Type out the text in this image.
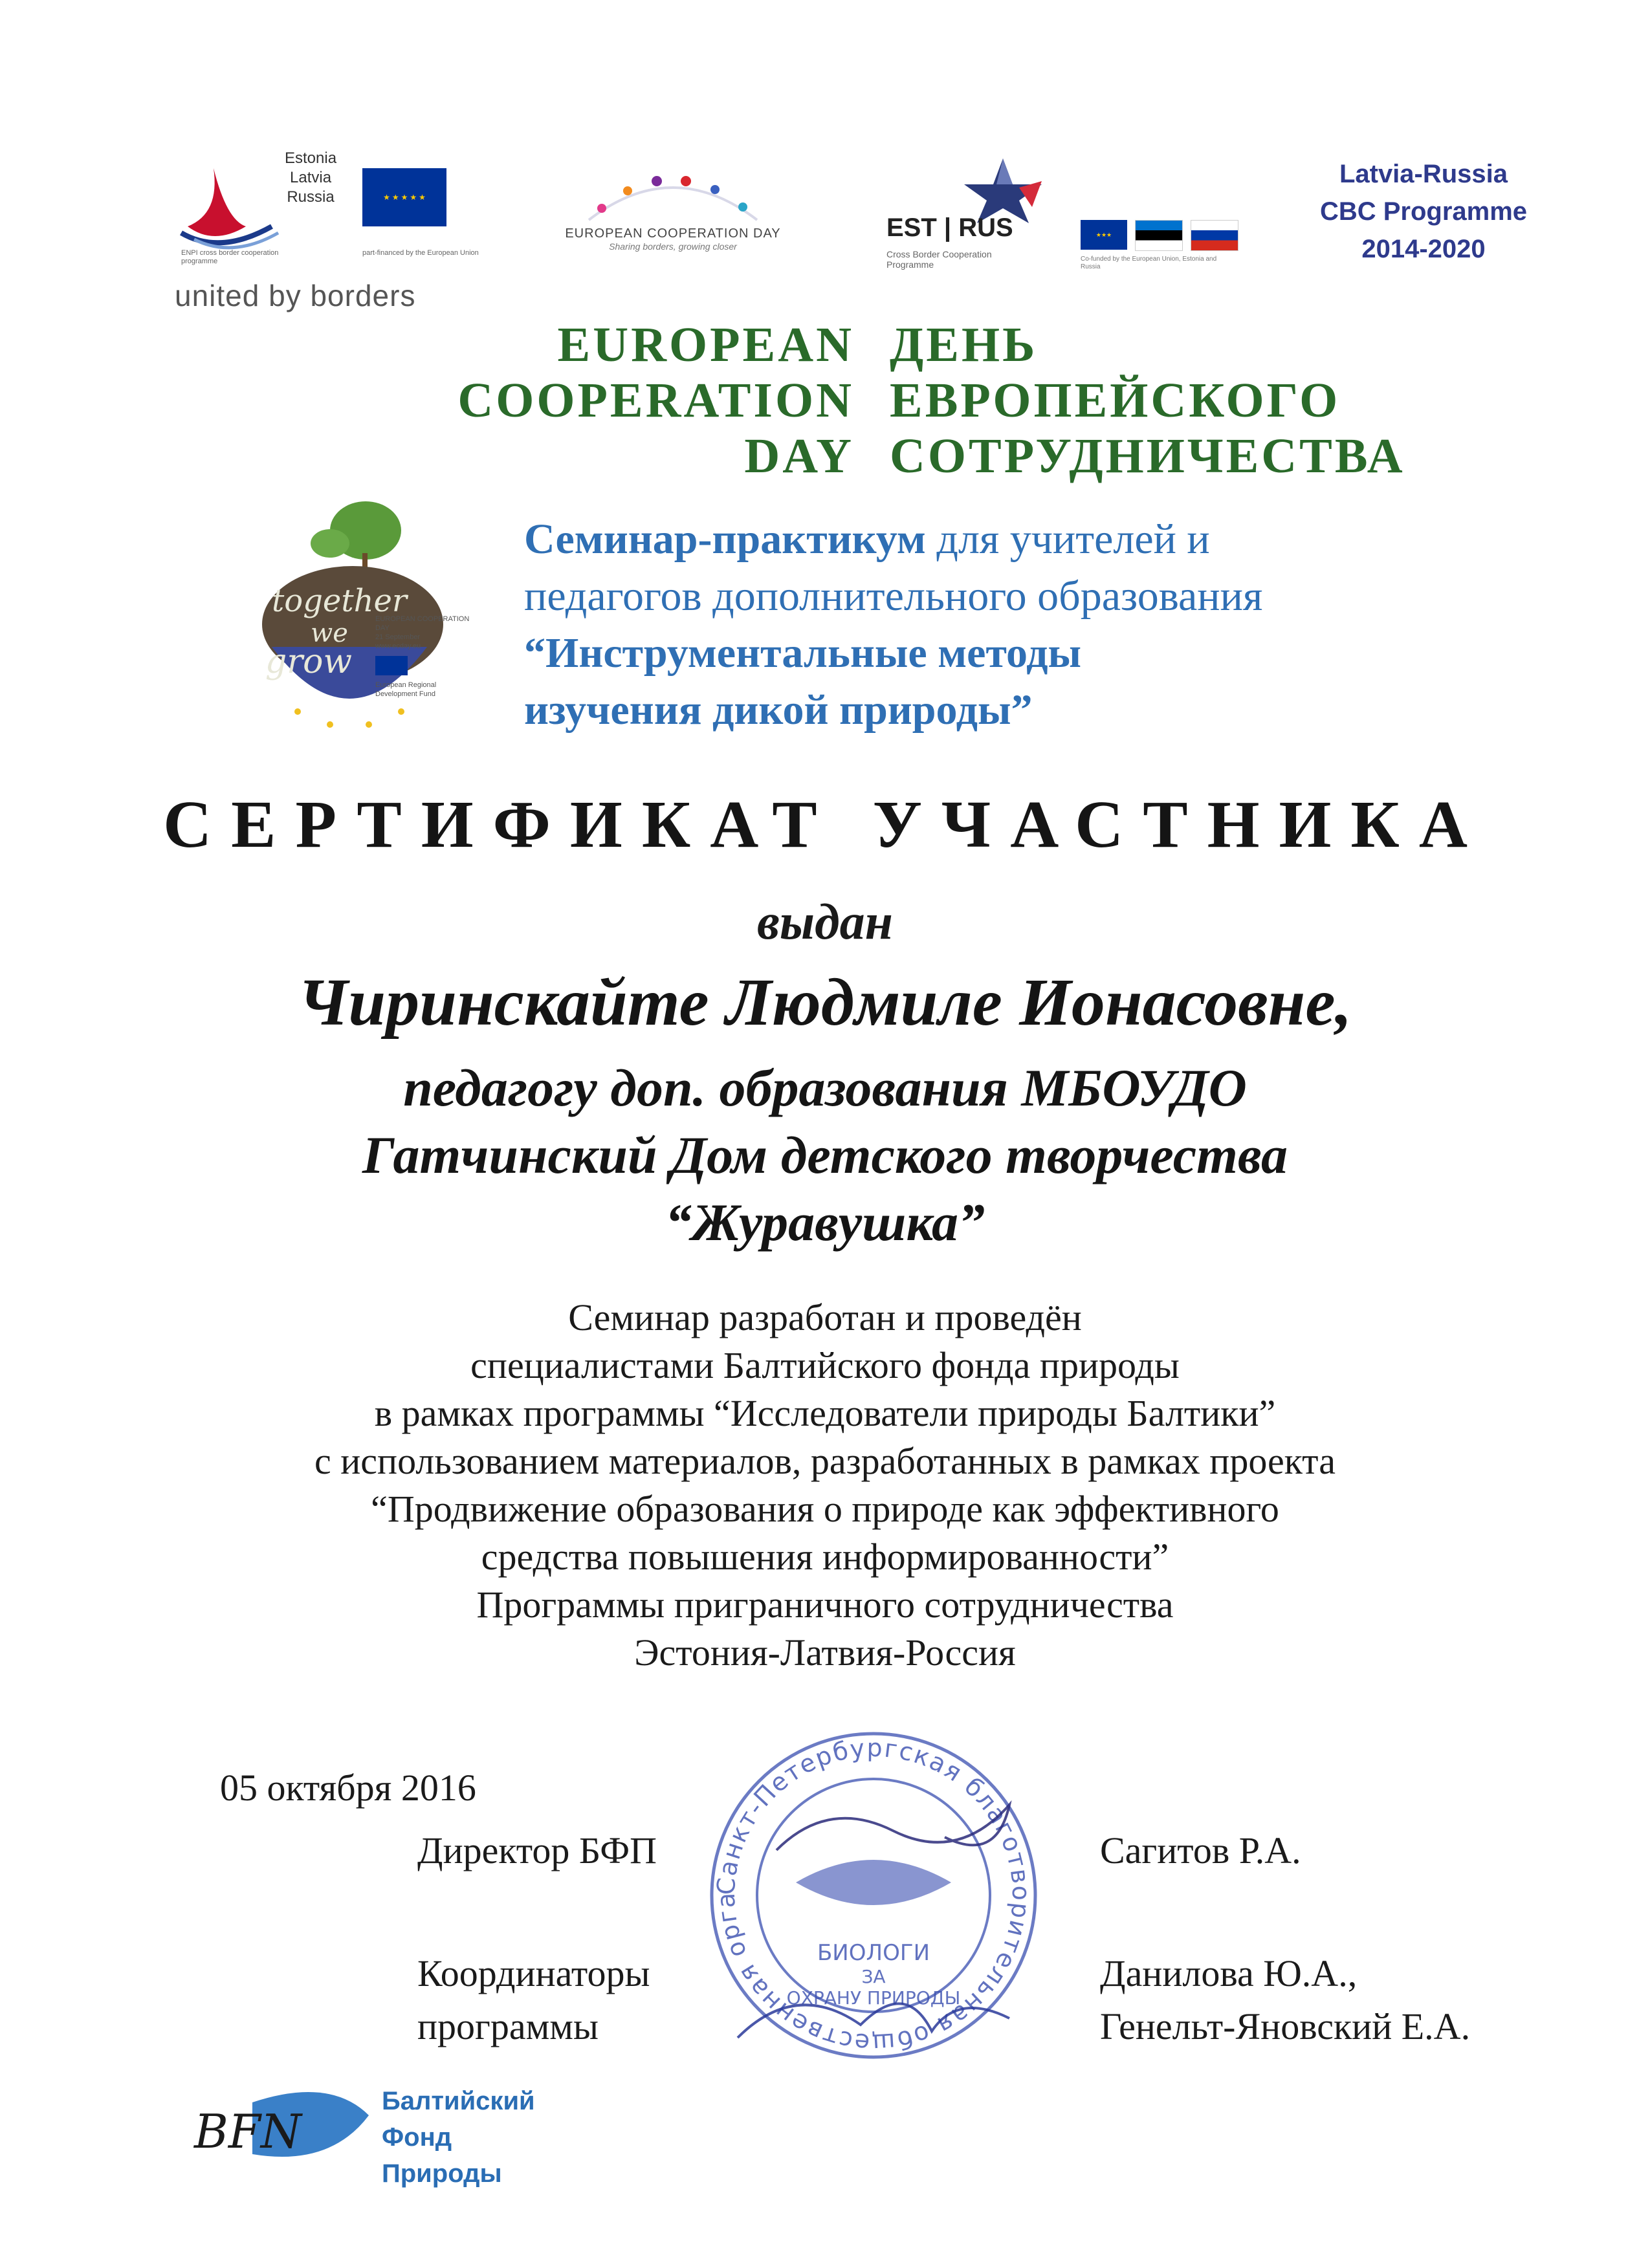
Estonia
Latvia
Russia	★ ★ ★ ★ ★
ENPI cross border cooperation programme
part-financed by the European Union
united by borders
EUROPEAN COOPERATION DAY
Sharing borders, growing closer
EST | RUS
Cross Border Cooperation Programme
★★★
Co-funded by the European Union, Estonia and Russia
Latvia-Russia
CBC Programme
2014-2020
EUROPEAN
COOPERATION
DAY
ДЕНЬ
ЕВРОПЕЙСКОГО
СОТРУДНИЧЕСТВА
together
we
grow
EUROPEAN COOPERATION DAY
21 September
www.ecday.eu
European Regional Development Fund
Семинар-практикум для учителей и
педагогов дополнительного образования
“Инструментальные методы
изучения дикой природы”
СЕРТИФИКАТ УЧАСТНИКА
выдан
Чиринскайте Людмиле Ионасовне,
педагогу доп. образования МБОУДО
Гатчинский Дом детского творчества
“Журавушка”
Семинар разработан и проведён
специалистами Балтийского фонда природы
в рамках программы “Исследователи природы Балтики”
с использованием материалов, разработанных в рамках проекта
“Продвижение образования о природе как эффективного
средства повышения информированности”
Программы приграничного сотрудничества
Эстония-Латвия-Россия
05 октября 2016
Директор БФП	Сагитов Р.А.
Координаторы
программы
Данилова Ю.А.,
Генельт-Яновский Е.А.
Санкт-Петербургская благотворительная общественная орга
БИОЛОГИ
ЗА
ОХРАНУ ПРИРОДЫ
BFN
Балтийский
Фонд
Природы
